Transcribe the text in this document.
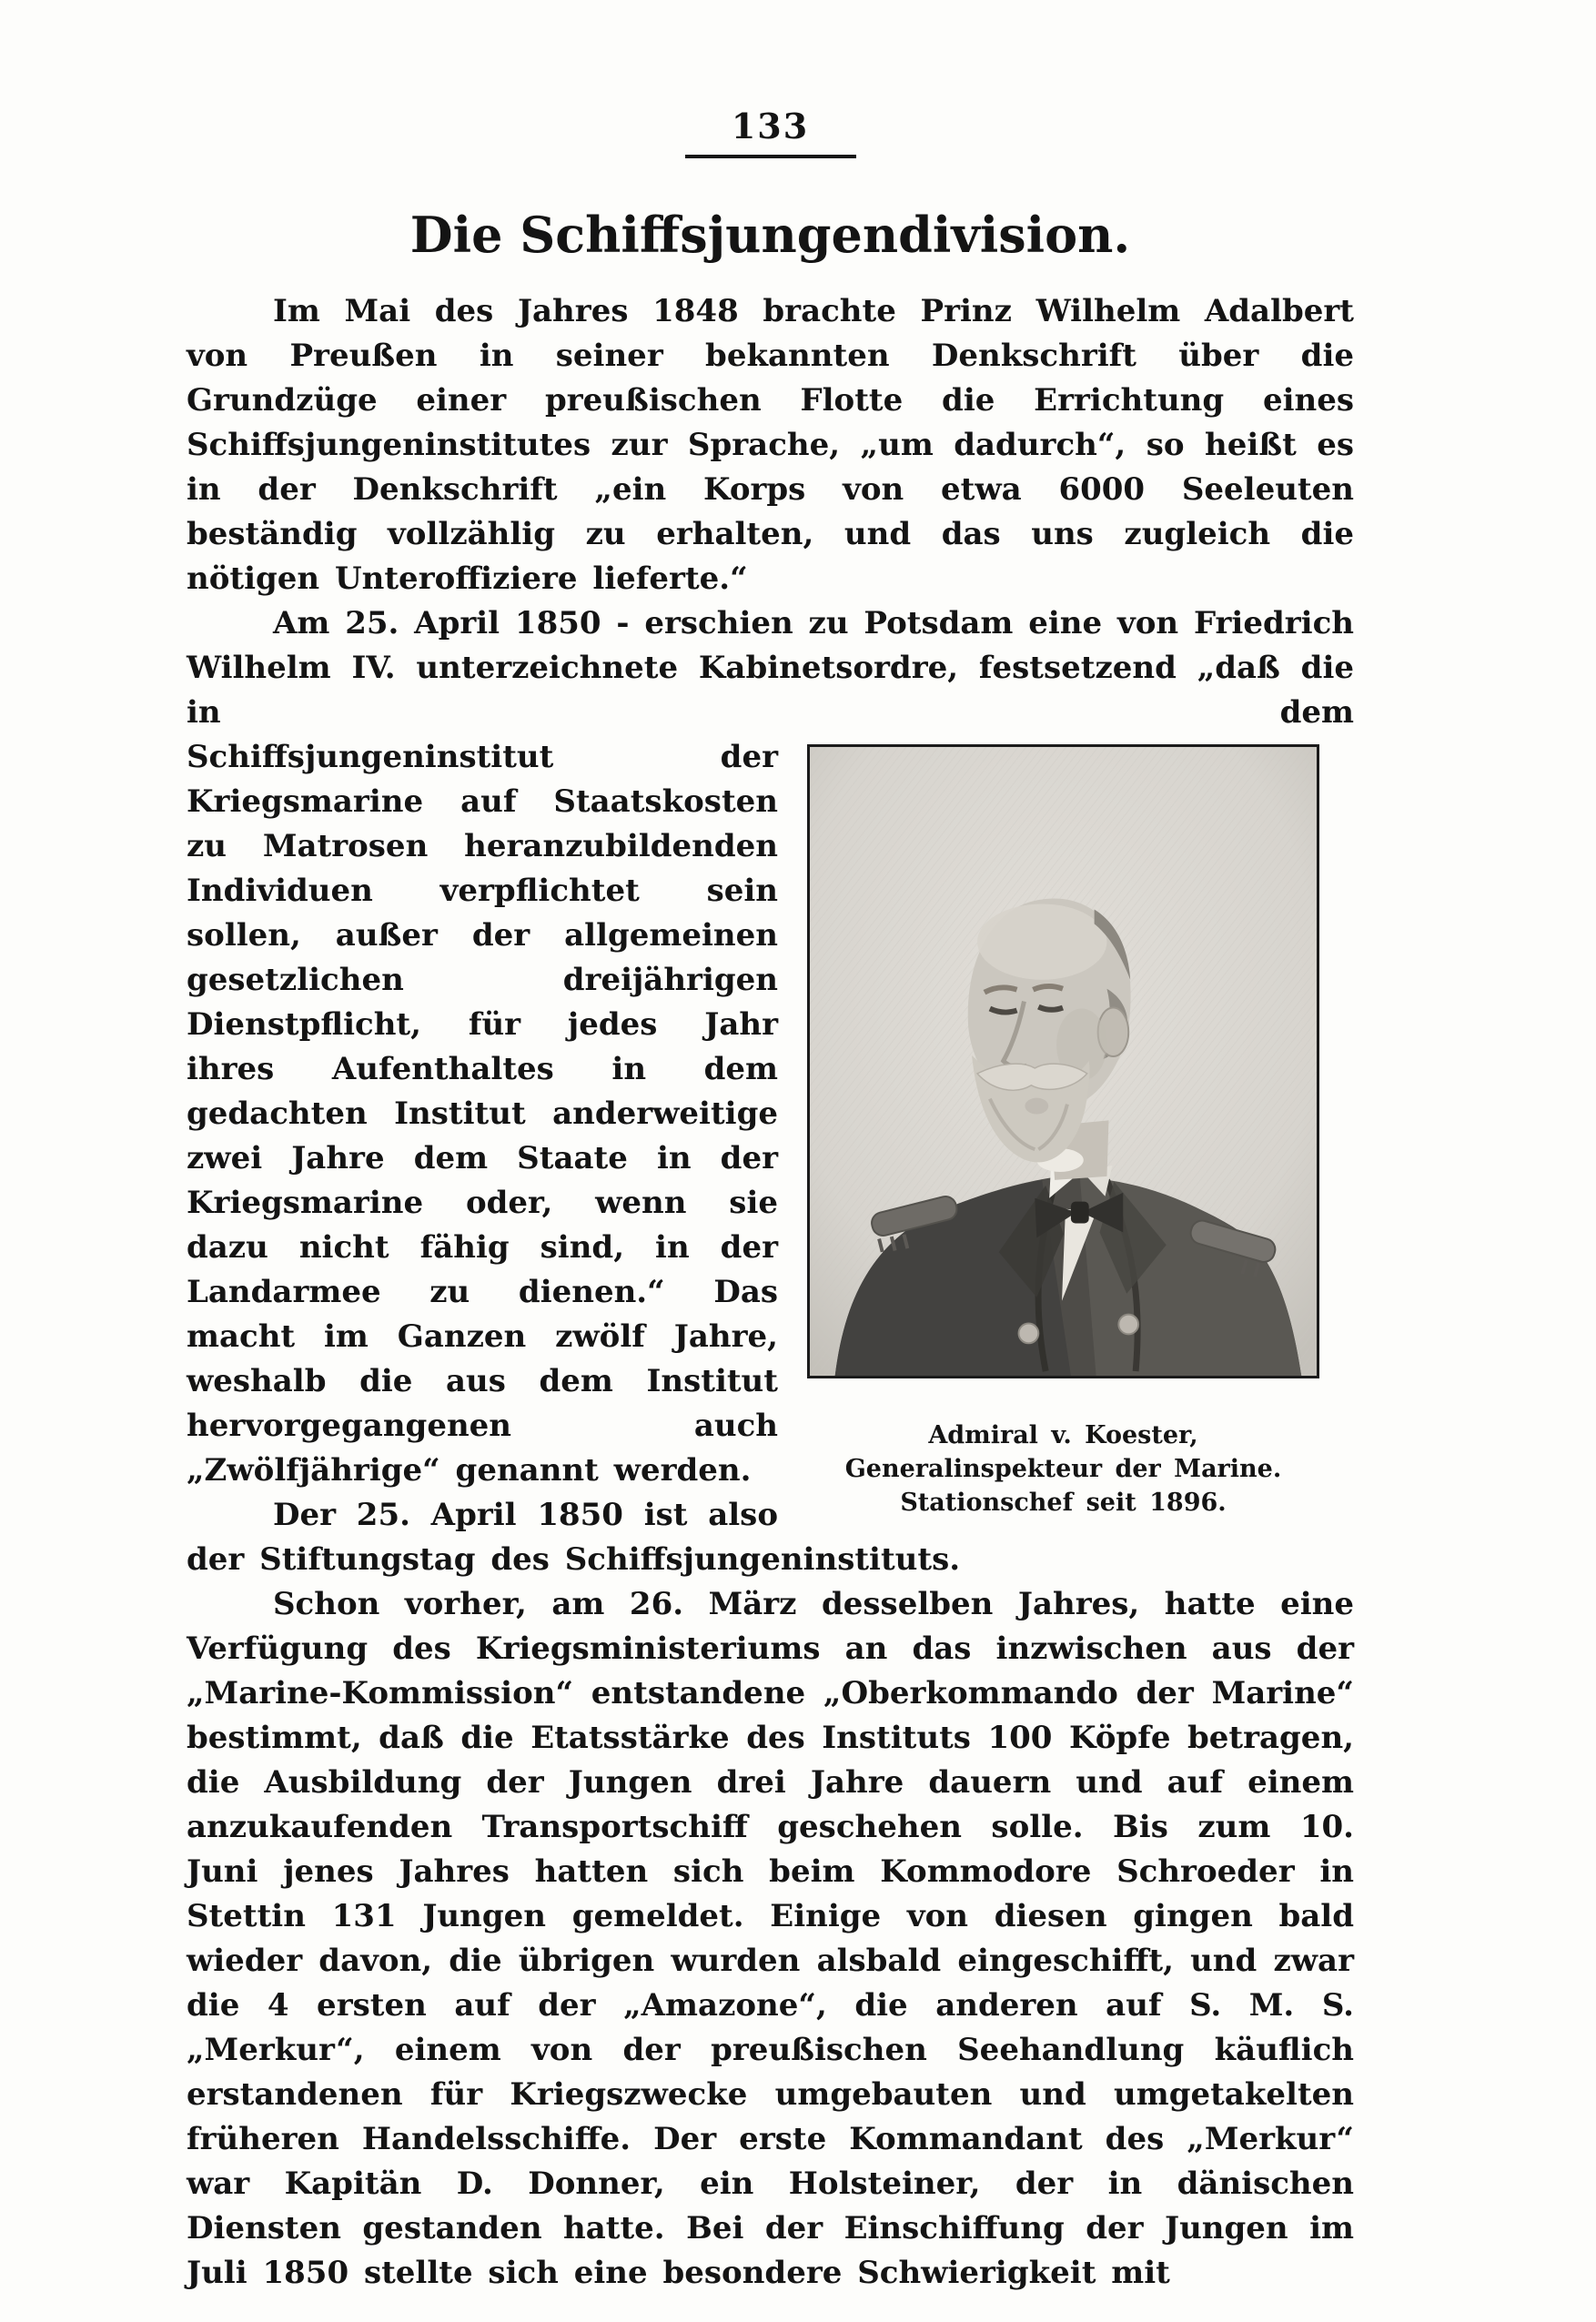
133
Die Schiffsjungendivision.

Im Mai des Jahres 1848 brachte Prinz Wilhelm Adalbert von Preußen in seiner bekannten Denkschrift über die Grundzüge einer preußischen Flotte die Errichtung eines Schiffsjungeninstitutes zur Sprache, „um dadurch“, so heißt es in der Denkschrift „ein Korps von etwa 6000 Seeleuten beständig vollzählig zu erhalten, und das uns zugleich die nötigen Unteroffiziere lieferte.“

Am 25. April 1850 - erschien zu Potsdam eine von Friedrich Wilhelm IV. unterzeichnete Kabinetsordre, festsetzend „daß die in dem

Admiral v. Koester,
Generalinspekteur der Marine.
Stationschef seit 1896.

Schiffsjungeninstitut der Kriegsmarine auf Staatskosten zu Matrosen heranzubildenden Individuen verpflichtet sein sollen, außer der allgemeinen gesetzlichen dreijährigen Dienstpflicht, für jedes Jahr ihres Aufenthaltes in dem gedachten Institut anderweitige zwei Jahre dem Staate in der Kriegsmarine oder, wenn sie dazu nicht fähig sind, in der Landarmee zu dienen.“ Das macht im Ganzen zwölf Jahre, weshalb die aus dem Institut hervorgegangenen auch „Zwölfjährige“ genannt werden.

Der 25. April 1850 ist also der Stiftungstag des Schiffsjungeninstituts.

Schon vorher, am 26. März desselben Jahres, hatte eine Verfügung des Kriegsministeriums an das inzwischen aus der „Marine-Kommission“ entstandene „Oberkommando der Marine“ bestimmt, daß die Etatsstärke des Instituts 100 Köpfe betragen, die Ausbildung der Jungen drei Jahre dauern und auf einem anzukaufenden Transportschiff geschehen solle. Bis zum 10. Juni jenes Jahres hatten sich beim Kommodore Schroeder in Stettin 131 Jungen gemeldet. Einige von diesen gingen bald wieder davon, die übrigen wurden alsbald eingeschifft, und zwar die 4 ersten auf der „Amazone“, die anderen auf S. M. S. „Merkur“, einem von der preußischen Seehandlung käuflich erstandenen für Kriegszwecke umgebauten und umgetakelten früheren Handelsschiffe. Der erste Kommandant des „Merkur“ war Kapitän D. Donner, ein Holsteiner, der in dänischen Diensten gestanden hatte. Bei der Einschiffung der Jungen im Juli 1850 stellte sich eine besondere Schwierigkeit mit
